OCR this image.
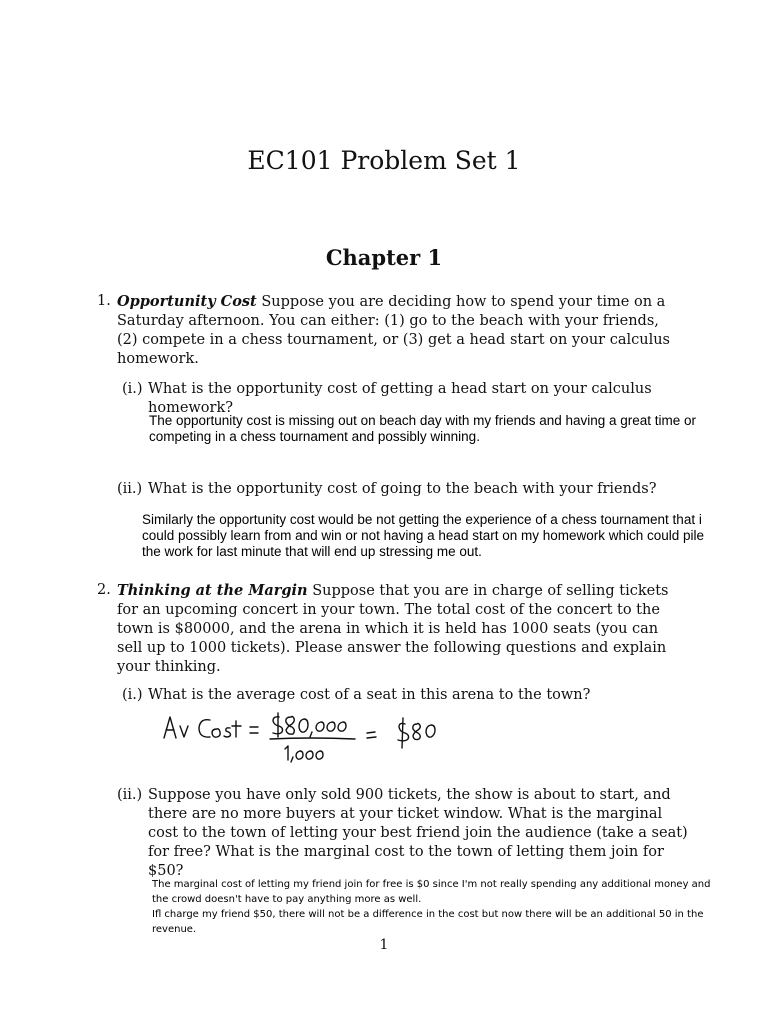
EC101 Problem Set 1
Chapter 1
1. Opportunity Cost Suppose you are deciding how to spend your time on a Saturday afternoon. You can either: (1) go to the beach with your friends, (2) compete in a chess tournament, or (3) get a head start on your calculus homework.
(i.) What is the opportunity cost of getting a head start on your calculus homework?
The opportunity cost is missing out on beach day with my friends and having a great time or competing in a chess tournament and possibly winning.
(ii.) What is the opportunity cost of going to the beach with your friends?
Similarly the opportunity cost would be not getting the experience of a chess tournament that i could possibly learn from and win or not having a head start on my homework which could pile the work for last minute that will end up stressing me out.
2. Thinking at the Margin Suppose that you are in charge of selling tickets for an upcoming concert in your town. The total cost of the concert to the town is $80000, and the arena in which it is held has 1000 seats (you can sell up to 1000 tickets). Please answer the following questions and explain your thinking.
(i.) What is the average cost of a seat in this arena to the town?
(ii.) Suppose you have only sold 900 tickets, the show is about to start, and there are no more buyers at your ticket window. What is the marginal cost to the town of letting your best friend join the audience (take a seat) for free? What is the marginal cost to the town of letting them join for $50?
The marginal cost of letting my friend join for free is $0 since I'm not really spending any additional money and the crowd doesn't have to pay anything more as well.
Ifl charge my friend $50, there will not be a difference in the cost but now there will be an additional 50 in the revenue.
1
